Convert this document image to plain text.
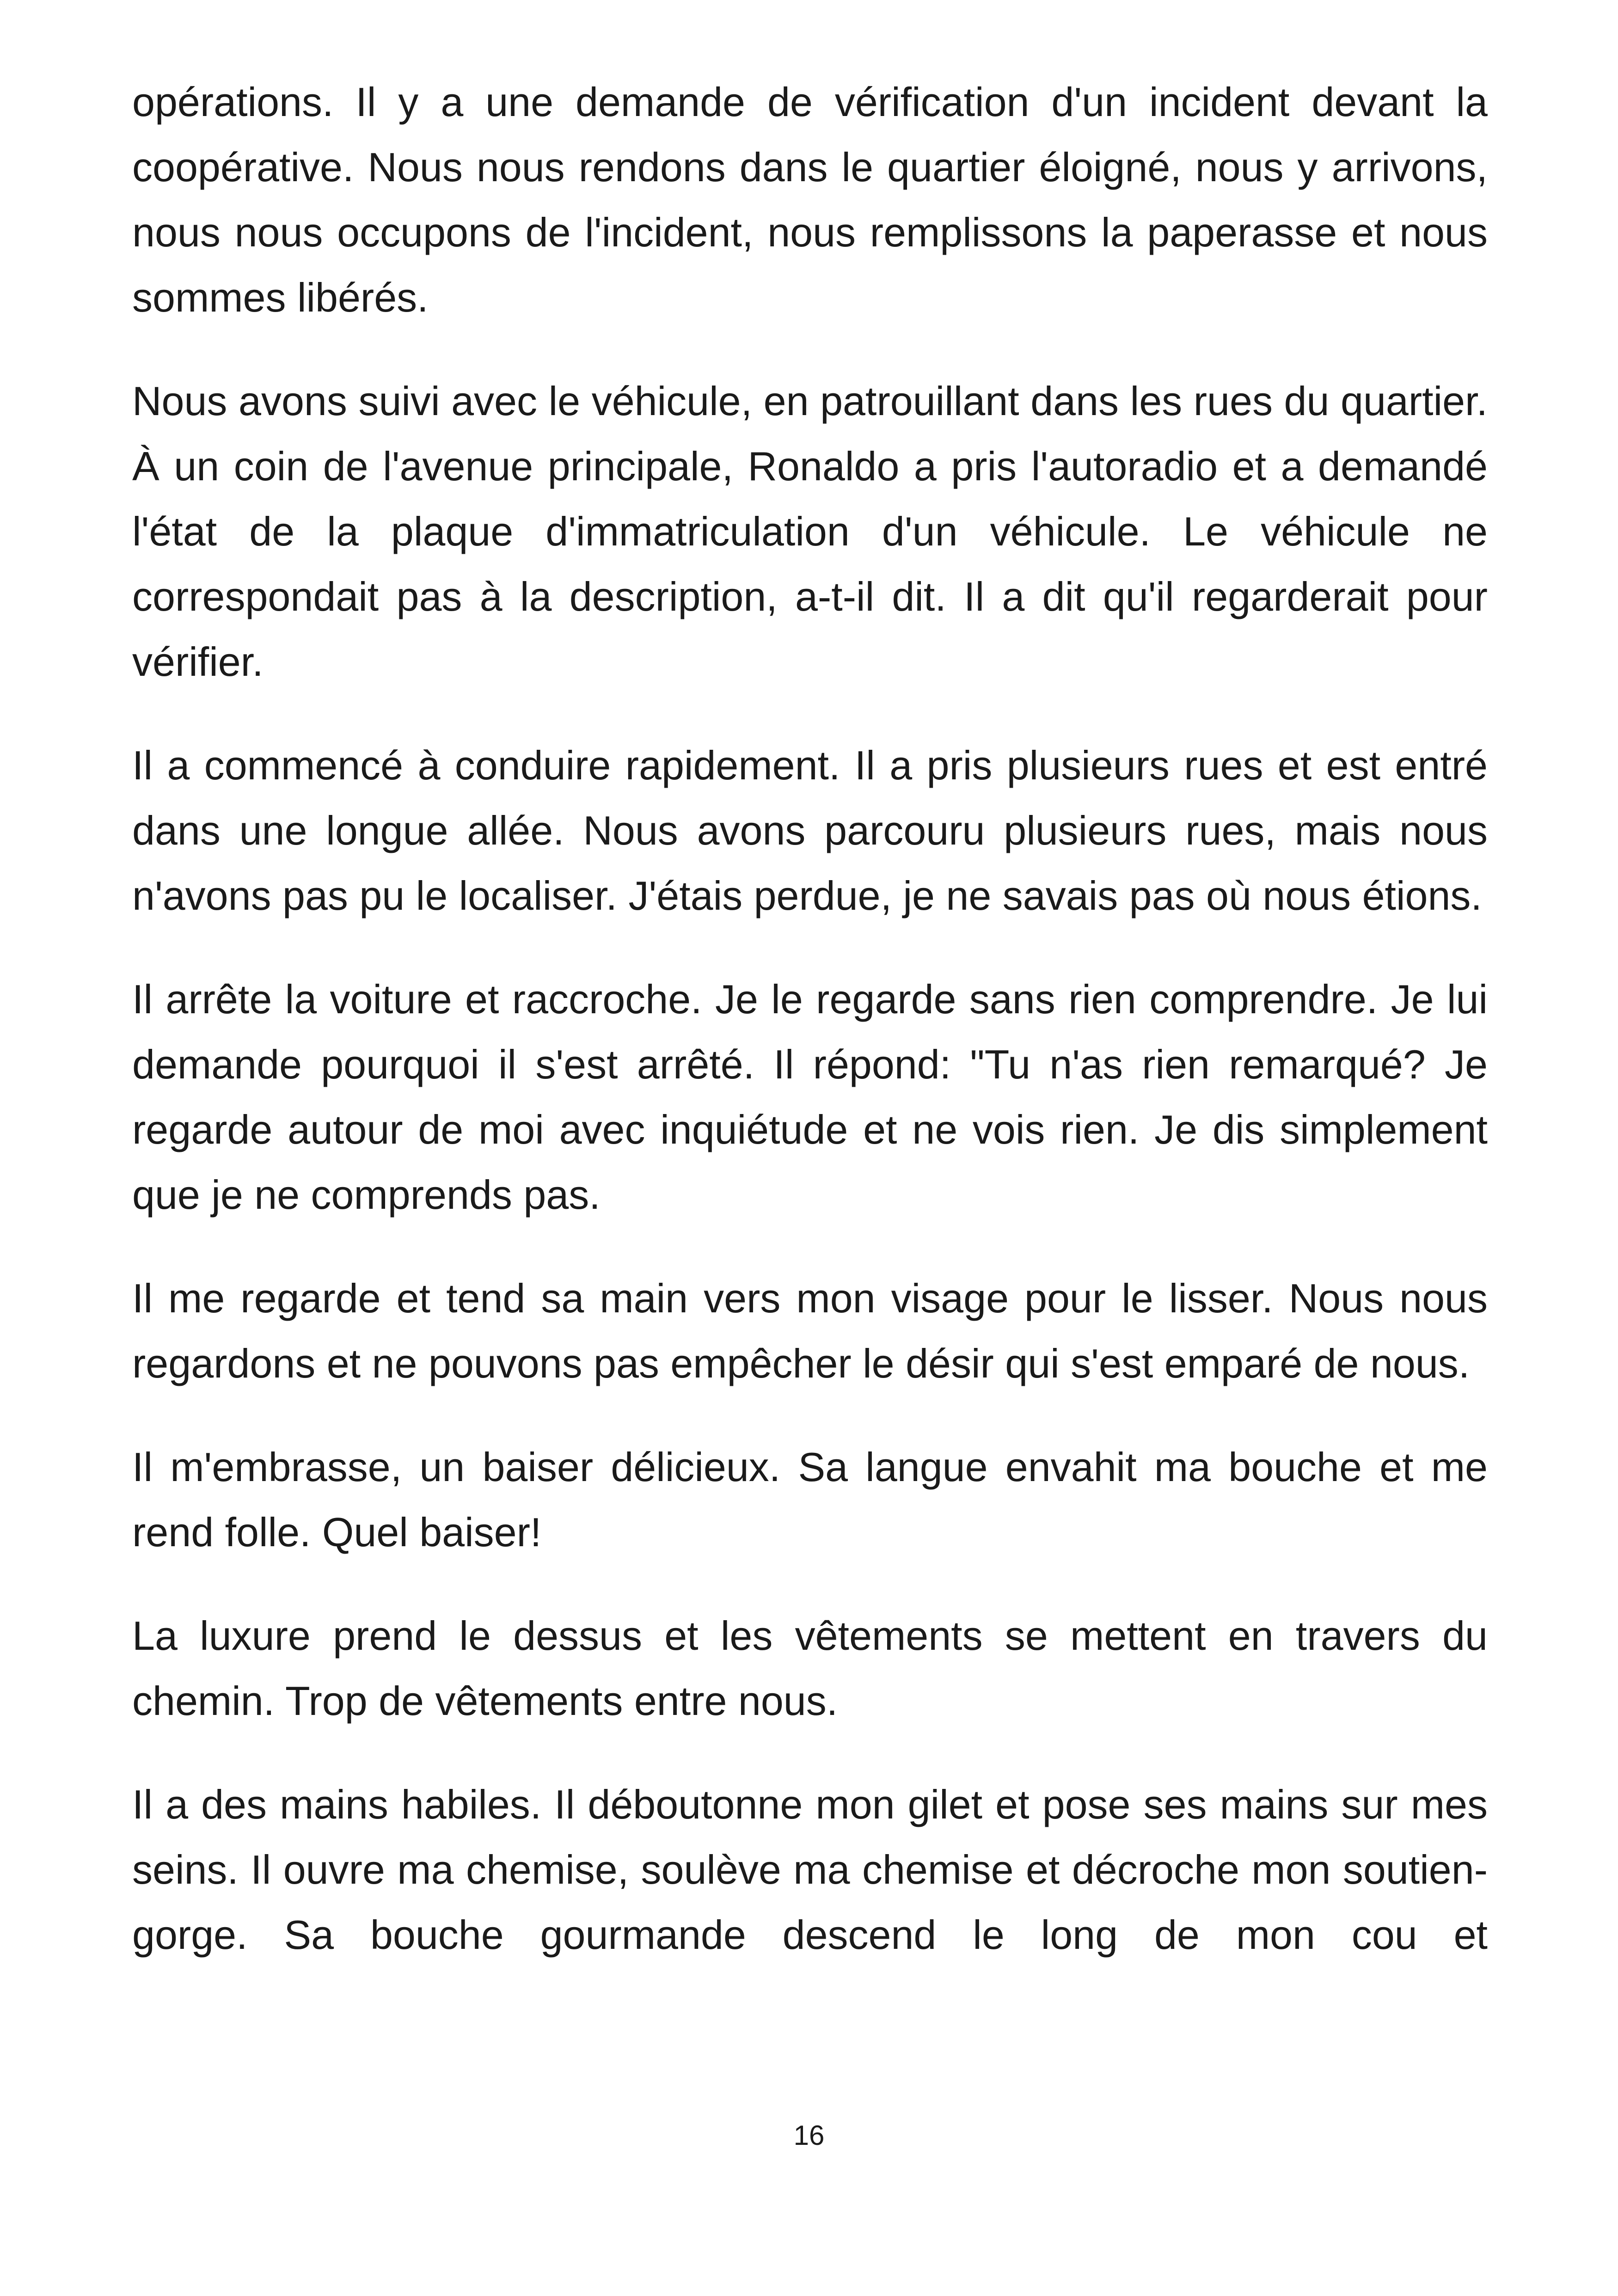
opérations. Il y a une demande de vérification d'un incident devant la coopérative. Nous nous rendons dans le quartier éloigné, nous y arrivons, nous nous occupons de l'incident, nous remplissons la paperasse et nous sommes libérés.

Nous avons suivi avec le véhicule, en patrouillant dans les rues du quartier. À un coin de l'avenue principale, Ronaldo a pris l'autoradio et a demandé l'état de la plaque d'immatriculation d'un véhicule. Le véhicule ne correspondait pas à la description, a-t-il dit. Il a dit qu'il regarderait pour vérifier.

Il a commencé à conduire rapidement. Il a pris plusieurs rues et est entré dans une longue allée. Nous avons parcouru plusieurs rues, mais nous n'avons pas pu le localiser. J'étais perdue, je ne savais pas où nous étions.

Il arrête la voiture et raccroche. Je le regarde sans rien comprendre. Je lui demande pourquoi il s'est arrêté. Il répond: "Tu n'as rien remarqué? Je regarde autour de moi avec inquiétude et ne vois rien. Je dis simplement que je ne comprends pas.

Il me regarde et tend sa main vers mon visage pour le lisser. Nous nous regardons et ne pouvons pas empêcher le désir qui s'est emparé de nous.

Il m'embrasse, un baiser délicieux. Sa langue envahit ma bouche et me rend folle. Quel baiser!

La luxure prend le dessus et les vêtements se mettent en travers du chemin. Trop de vêtements entre nous.

Il a des mains habiles. Il déboutonne mon gilet et pose ses mains sur mes seins. Il ouvre ma chemise, soulève ma chemise et décroche mon soutien-gorge. Sa bouche gourmande descend le long de mon cou et

16
